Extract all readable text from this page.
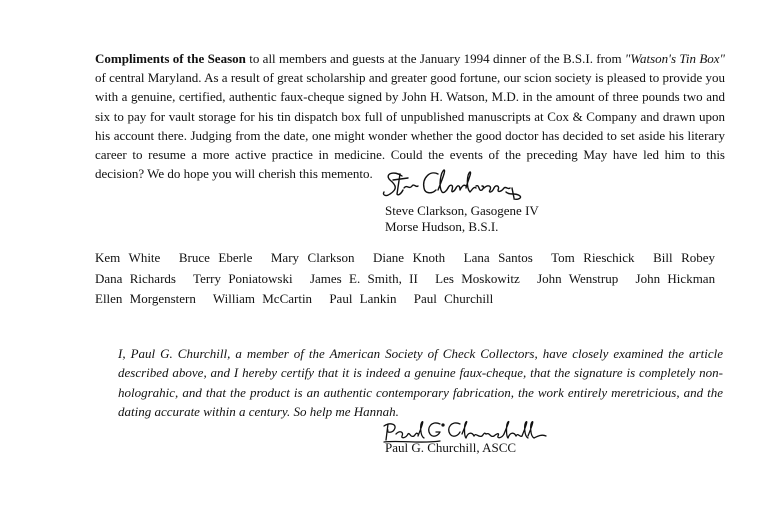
Compliments of the Season to all members and guests at the January 1994 dinner of the B.S.I. from "Watson's Tin Box" of central Maryland. As a result of great scholarship and greater good fortune, our scion society is pleased to provide you with a genuine, certified, authentic faux-cheque signed by John H. Watson, M.D. in the amount of three pounds two and six to pay for vault storage for his tin dispatch box full of unpublished manuscripts at Cox & Company and drawn upon his account there. Judging from the date, one might wonder whether the good doctor has decided to set aside his literary career to resume a more active practice in medicine. Could the events of the preceding May have led him to this decision? We do hope you will cherish this memento.

Steve Clarkson, Gasogene IV
Morse Hudson, B.S.I.

Kem White Bruce Eberle Mary Clarkson Diane Knoth Lana Santos Tom Rieschick Bill Robey Dana Richards Terry Poniatowski James E. Smith, II Les Moskowitz John Wenstrup John Hickman Ellen Morgenstern William McCartin Paul Lankin Paul Churchill

I, Paul G. Churchill, a member of the American Society of Check Collectors, have closely examined the article described above, and I hereby certify that it is indeed a genuine faux-cheque, that the signature is completely non-holograhic, and that the product is an authentic contemporary fabrication, the work entirely meretricious, and the dating accurate within a century. So help me Hannah.

Paul G. Churchill, ASCC
